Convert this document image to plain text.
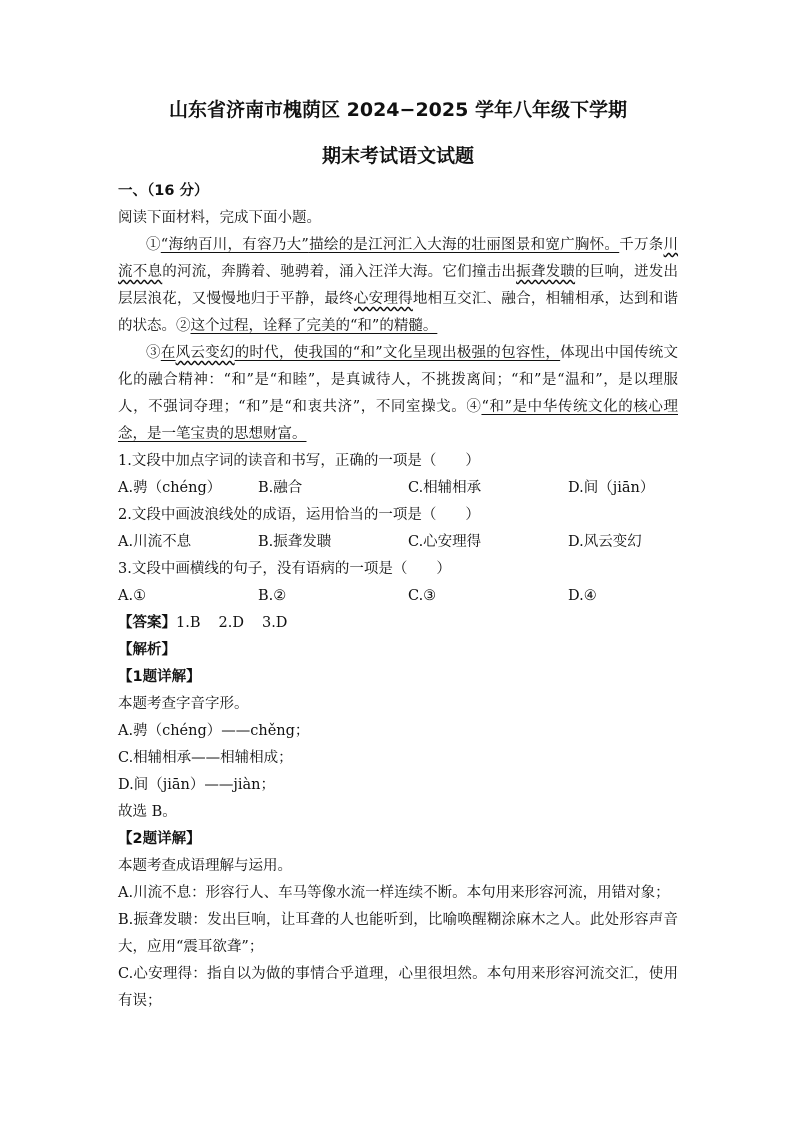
山东省济南市槐荫区 2024−2025 学年八年级下学期
期末考试语文试题
一、（16 分）
阅读下面材料，完成下面小题。
①“海纳百川，有容乃大”描绘的是江河汇入大海的壮丽图景和宽广胸怀。千万条川流不息的河流，奔腾着、驰骋着，涌入汪洋大海。它们撞击出振聋发聩的巨响，迸发出层层浪花，又慢慢地归于平静，最终心安理得地相互交汇、融合，相辅相承，达到和谐的状态。②这个过程，诠释了完美的“和”的精髓。
③在风云变幻的时代，使我国的“和”文化呈现出极强的包容性，体现出中国传统文化的融合精神：“和”是“和睦”，是真诚待人，不挑拨离间；“和”是“温和”，是以理服人，不强词夺理；“和”是“和衷共济”，不同室操戈。④“和”是中华传统文化的核心理念，是一笔宝贵的思想财富。
1.文段中加点字词的读音和书写，正确的一项是（　　）
A.骋（chéng）	B.融合	C.相辅相承	D.间（jiān）
2.文段中画波浪线处的成语，运用恰当的一项是（　　）
A.川流不息	B.振聋发聩	C.心安理得	D.风云变幻
3.文段中画横线的句子，没有语病的一项是（　　）
A.①	B.②	C.③	D.④
【答案】1.B 2.D 3.D
【解析】
【1题详解】
本题考查字音字形。
A.骋（chéng）——chěng；
C.相辅相承——相辅相成；
D.间（jiān）——jiàn；
故选 B。
【2题详解】
本题考查成语理解与运用。
A.川流不息：形容行人、车马等像水流一样连续不断。本句用来形容河流，用错对象；
B.振聋发聩：发出巨响，让耳聋的人也能听到，比喻唤醒糊涂麻木之人。此处形容声音大，应用“震耳欲聋”；
C.心安理得：指自以为做的事情合乎道理，心里很坦然。本句用来形容河流交汇，使用有误；
